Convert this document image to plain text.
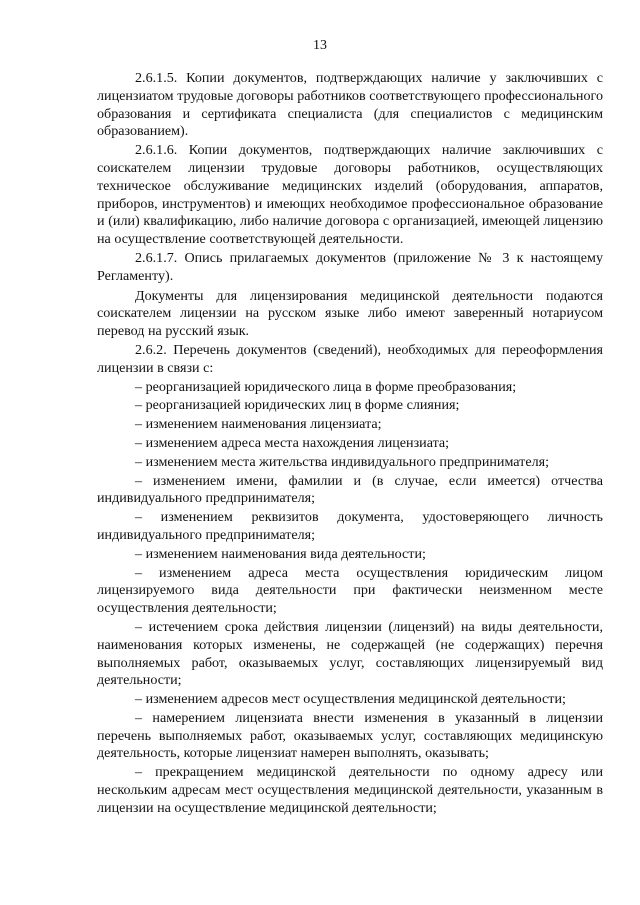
13

2.6.1.5. Копии документов, подтверждающих наличие у заключивших с лицензиатом трудовые договоры работников соответствующего профессионального образования и сертификата специалиста (для специалистов с медицинским образованием).

2.6.1.6. Копии документов, подтверждающих наличие заключивших с соискателем лицензии трудовые договоры работников, осуществляющих техническое обслуживание медицинских изделий (оборудования, аппаратов, приборов, инструментов) и имеющих необходимое профессиональное образование и (или) квалификацию, либо наличие договора с организацией, имеющей лицензию на осуществление соответствующей деятельности.

2.6.1.7. Опись прилагаемых документов (приложение № 3 к настоящему Регламенту).

Документы для лицензирования медицинской деятельности подаются соискателем лицензии на русском языке либо имеют заверенный нотариусом перевод на русский язык.

2.6.2. Перечень документов (сведений), необходимых для переоформления лицензии в связи с:

– реорганизацией юридического лица в форме преобразования;

– реорганизацией юридических лиц в форме слияния;

– изменением наименования лицензиата;

– изменением адреса места нахождения лицензиата;

– изменением места жительства индивидуального предпринимателя;

– изменением имени, фамилии и (в случае, если имеется) отчества индивидуального предпринимателя;

– изменением реквизитов документа, удостоверяющего личность индивидуального предпринимателя;

– изменением наименования вида деятельности;

– изменением адреса места осуществления юридическим лицом лицензируемого вида деятельности при фактически неизменном месте осуществления деятельности;

– истечением срока действия лицензии (лицензий) на виды деятельности, наименования которых изменены, не содержащей (не содержащих) перечня выполняемых работ, оказываемых услуг, составляющих лицензируемый вид деятельности;

– изменением адресов мест осуществления медицинской деятельности;

– намерением лицензиата внести изменения в указанный в лицензии перечень выполняемых работ, оказываемых услуг, составляющих медицинскую деятельность, которые лицензиат намерен выполнять, оказывать;

– прекращением медицинской деятельности по одному адресу или нескольким адресам мест осуществления медицинской деятельности, указанным в лицензии на осуществление медицинской деятельности;
